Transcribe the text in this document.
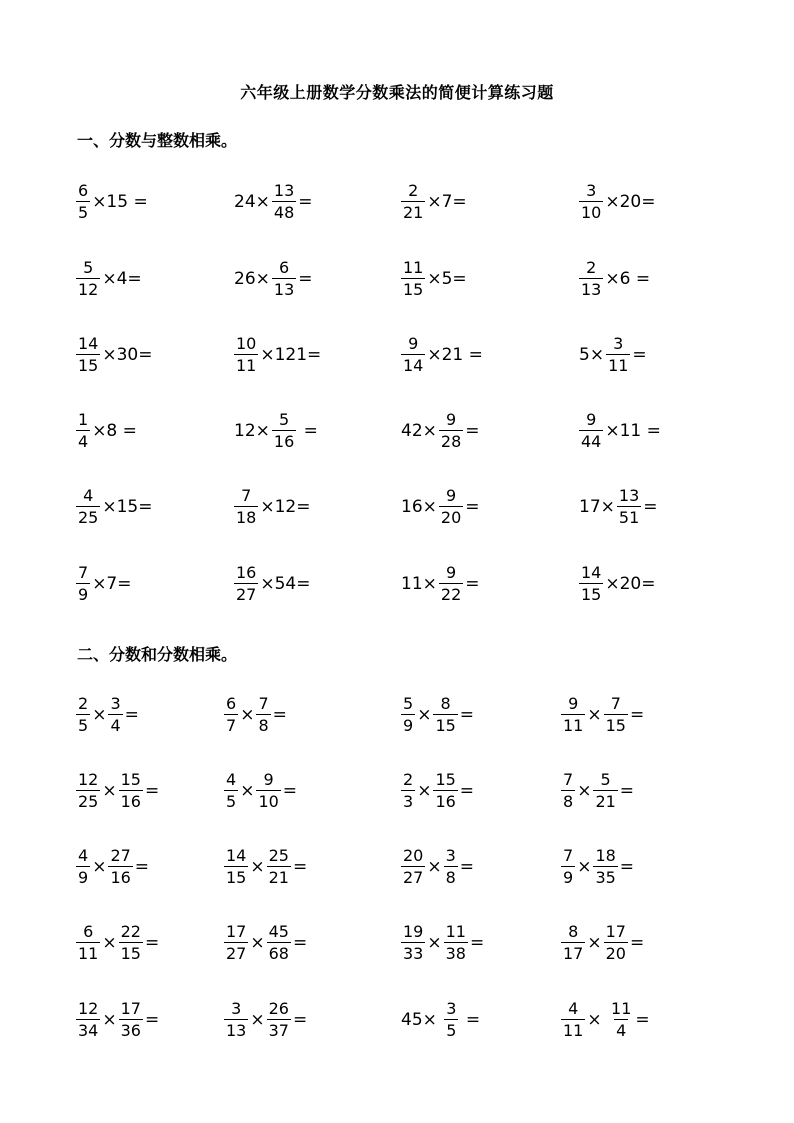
六年级上册数学分数乘法的简便计算练习题
一、分数与整数相乘。
二、分数和分数相乘。
$\frac{6}{5} \times 15$ =	$24\times \frac{13}{48}$ =	$\frac{2}{21} \times 7=$	$\frac{3}{10} \times 20=$
$\frac{5}{12} \times 4=$	$26\times \frac{6}{13}$ =	$\frac{11}{15} \times 5=$	$\frac{2}{13} \times 6$ =
$\frac{14}{15} \times 30=$	$\frac{10}{11} \times 121=$	$\frac{9}{14} \times 21$ =	$5\times \frac{3}{11}$ =
$\frac{1}{4} \times 8$ =	$12\times \frac{5}{16}$ =	$42\times \frac{9}{28}$ =	$\frac{9}{44} \times 11$ =
$\frac{4}{25} \times 15=$	$\frac{7}{18} \times 12=$	$16\times \frac{9}{20}$ =	$17\times \frac{13}{51}$ =
$\frac{7}{9} \times 7=$	$\frac{16}{27} \times 54=$	$11\times \frac{9}{22}$ =	$\frac{14}{15} \times 20=$
$\frac{2}{5} \times \frac{3}{4}$ =	$\frac{6}{7} \times \frac{7}{8}$ =	$\frac{5}{9} \times \frac{8}{15}$ =	$\frac{9}{11} \times \frac{7}{15}$ =
$\frac{12}{25} \times \frac{15}{16}$ =	$\frac{4}{5} \times \frac{9}{10}$ =	$\frac{2}{3} \times \frac{15}{16}$ =	$\frac{7}{8} \times \frac{5}{21}$ =
$\frac{4}{9} \times \frac{27}{16}$ =	$\frac{14}{15} \times \frac{25}{21}$ =	$\frac{20}{27} \times \frac{3}{8}$ =	$\frac{7}{9} \times \frac{18}{35}$ =
$\frac{6}{11} \times \frac{22}{15}$ =	$\frac{17}{27} \times \frac{45}{68}$ =	$\frac{19}{33} \times \frac{11}{38}$ =	$\frac{8}{17} \times \frac{17}{20}$ =
$\frac{12}{34} \times \frac{17}{36}$ =	$\frac{3}{13} \times \frac{26}{37}$ =	$45\times \frac{3}{5}$ =	$\frac{4}{11} \times \frac{11}{4}$ =
